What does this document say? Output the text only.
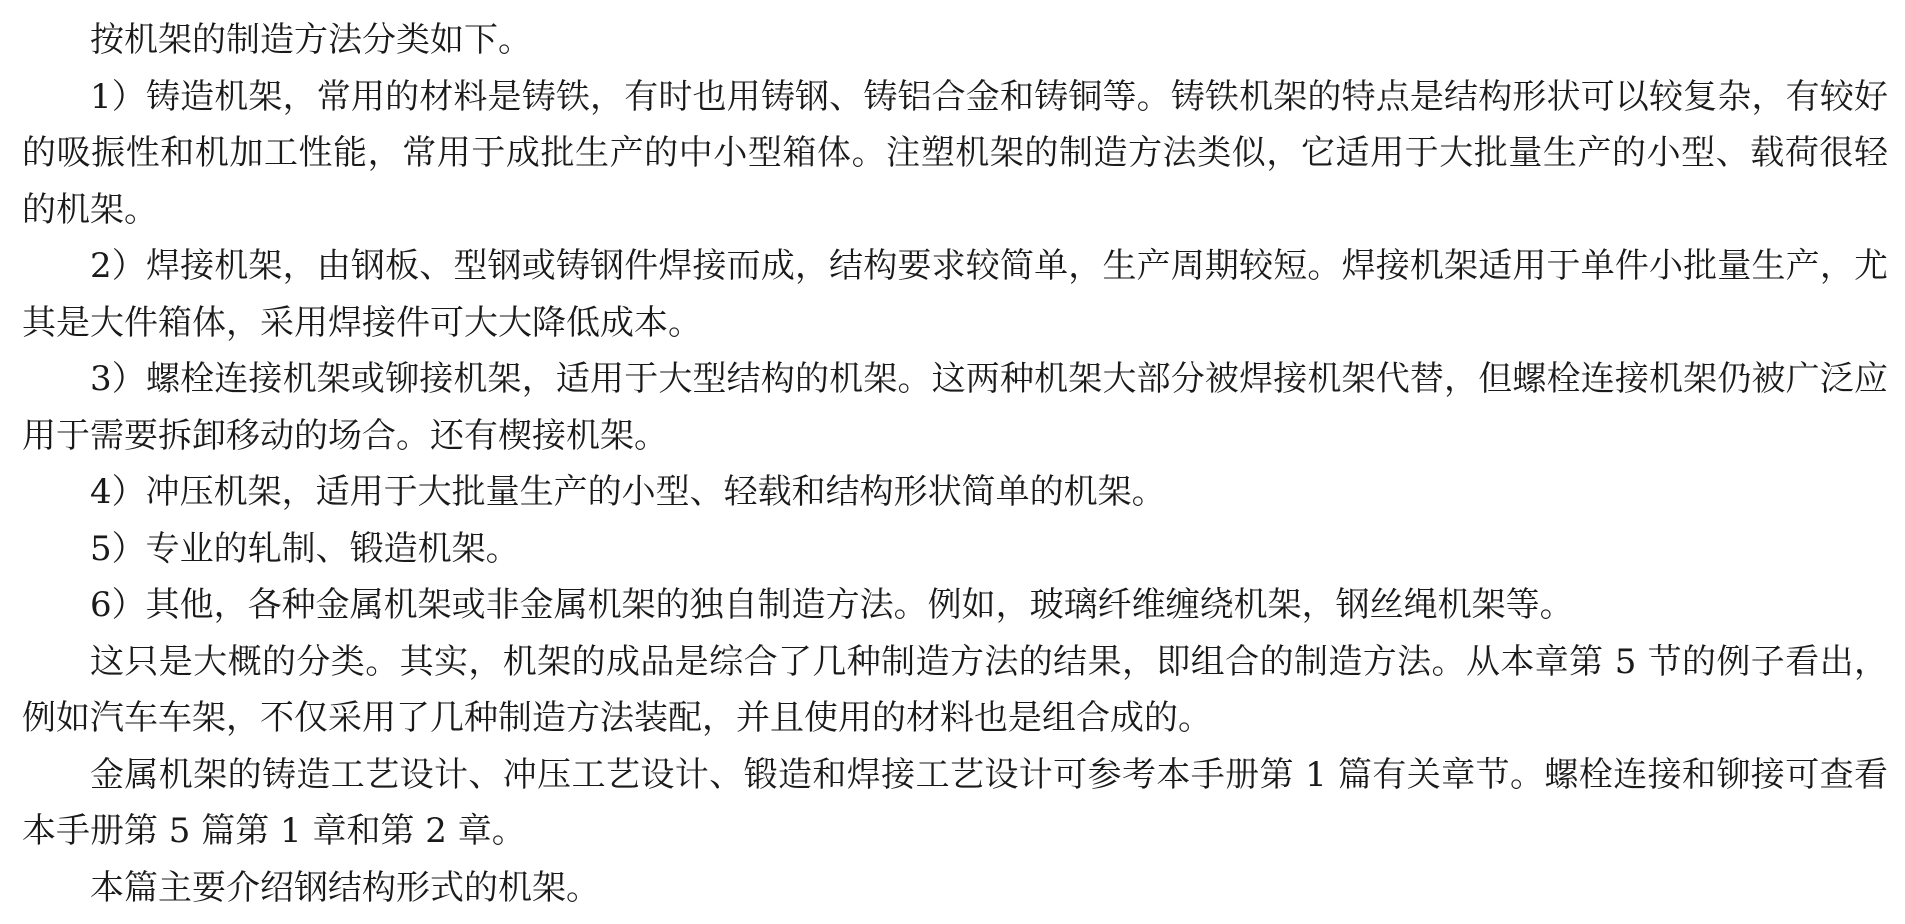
按机架的制造方法分类如下。

1）铸造机架，常用的材料是铸铁，有时也用铸钢、铸铝合金和铸铜等。铸铁机架的特点是结构形状可以较复杂，有较好的吸振性和机加工性能，常用于成批生产的中小型箱体。注塑机架的制造方法类似，它适用于大批量生产的小型、载荷很轻的机架。

2）焊接机架，由钢板、型钢或铸钢件焊接而成，结构要求较简单，生产周期较短。焊接机架适用于单件小批量生产，尤其是大件箱体，采用焊接件可大大降低成本。

3）螺栓连接机架或铆接机架，适用于大型结构的机架。这两种机架大部分被焊接机架代替，但螺栓连接机架仍被广泛应用于需要拆卸移动的场合。还有楔接机架。

4）冲压机架，适用于大批量生产的小型、轻载和结构形状简单的机架。

5）专业的轧制、锻造机架。

6）其他，各种金属机架或非金属机架的独自制造方法。例如，玻璃纤维缠绕机架，钢丝绳机架等。

这只是大概的分类。其实，机架的成品是综合了几种制造方法的结果，即组合的制造方法。从本章第 5 节的例子看出，例如汽车车架，不仅采用了几种制造方法装配，并且使用的材料也是组合成的。

金属机架的铸造工艺设计、冲压工艺设计、锻造和焊接工艺设计可参考本手册第 1 篇有关章节。螺栓连接和铆接可查看本手册第 5 篇第 1 章和第 2 章。

本篇主要介绍钢结构形式的机架。
